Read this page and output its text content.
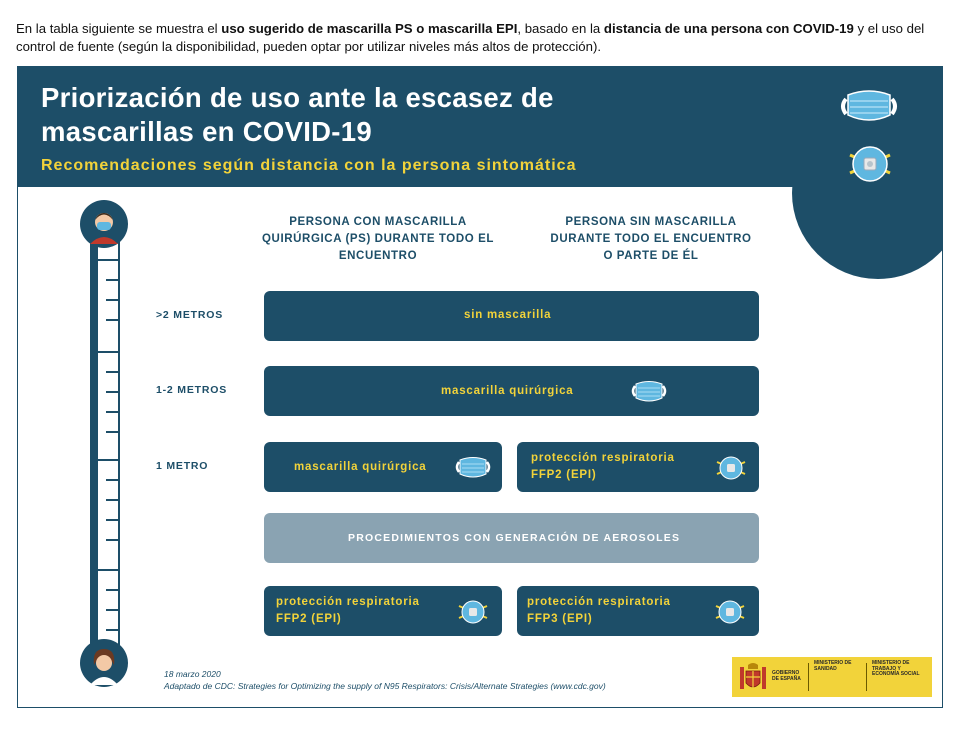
En la tabla siguiente se muestra el uso sugerido de mascarilla PS o mascarilla EPI, basado en la distancia de una persona con COVID-19 y el uso del control de fuente (según la disponibilidad, pueden optar por utilizar niveles más altos de protección).
Priorización de uso ante la escasez de
mascarillas en COVID-19
Recomendaciones según distancia con la persona sintomática
PERSONA CON MASCARILLA
QUIRÚRGICA (PS) DURANTE TODO EL
ENCUENTRO
PERSONA SIN MASCARILLA
DURANTE TODO EL ENCUENTRO
O PARTE DE ÉL
>2 METROS
1-2 METROS
1 METRO
sin mascarilla
mascarilla quirúrgica
mascarilla quirúrgica
protección respiratoria
FFP2 (EPI)
PROCEDIMIENTOS CON GENERACIÓN DE AEROSOLES
protección respiratoria
FFP2 (EPI)
protección respiratoria
FFP3 (EPI)
18 marzo 2020
Adaptado de CDC: Strategies for Optimizing the supply of N95 Respirators: Crisis/Alternate Strategies (www.cdc.gov)
GOBIERNO DE ESPAÑA
MINISTERIO DE SANIDAD
MINISTERIO DE TRABAJO Y ECONOMÍA SOCIAL
